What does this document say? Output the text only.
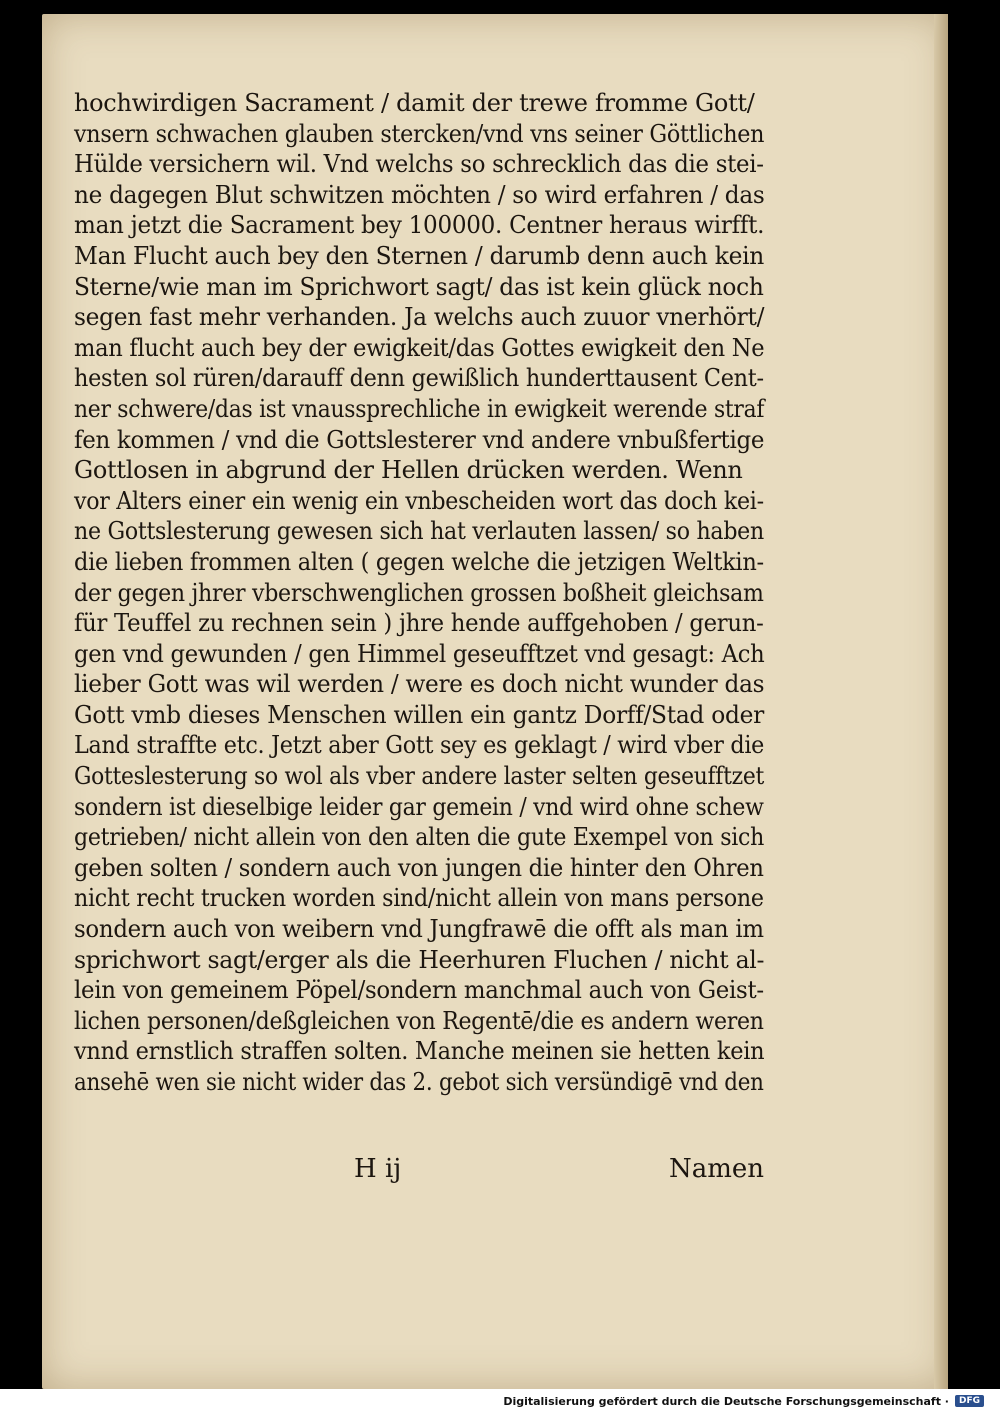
hochwirdigen Sacrament / damit der trewe fromme Gott/
vnsern schwachen glauben stercken/vnd vns seiner Göttlichen
Hülde versichern wil. Vnd welchs so schrecklich das die stei-
ne dagegen Blut schwitzen möchten / so wird erfahren / das
man jetzt die Sacrament bey 100000. Centner heraus wirfft.
Man Flucht auch bey den Sternen / darumb denn auch kein
Sterne/wie man im Sprichwort sagt/ das ist kein glück noch
segen fast mehr verhanden. Ja welchs auch zuuor vnerhört/
man flucht auch bey der ewigkeit/das Gottes ewigkeit den Ne
hesten sol rüren/darauff denn gewißlich hunderttausent Cent-
ner schwere/das ist vnaussprechliche in ewigkeit werende straf
fen kommen / vnd die Gottslesterer vnd andere vnbußfertige
Gottlosen in abgrund der Hellen drücken werden. Wenn
vor Alters einer ein wenig ein vnbescheiden wort das doch kei-
ne Gottslesterung gewesen sich hat verlauten lassen/ so haben
die lieben frommen alten ( gegen welche die jetzigen Weltkin-
der gegen jhrer vberschwenglichen grossen boßheit gleichsam
für Teuffel zu rechnen sein ) jhre hende auffgehoben / gerun-
gen vnd gewunden / gen Himmel geseufftzet vnd gesagt: Ach
lieber Gott was wil werden / were es doch nicht wunder das
Gott vmb dieses Menschen willen ein gantz Dorff/Stad oder
Land straffte etc. Jetzt aber Gott sey es geklagt / wird vber die
Gotteslesterung so wol als vber andere laster selten geseufftzet
sondern ist dieselbige leider gar gemein / vnd wird ohne schew
getrieben/ nicht allein von den alten die gute Exempel von sich
geben solten / sondern auch von jungen die hinter den Ohren
nicht recht trucken worden sind/nicht allein von mans persone
sondern auch von weibern vnd Jungfrawē die offt als man im
sprichwort sagt/erger als die Heerhuren Fluchen / nicht al-
lein von gemeinem Pöpel/sondern manchmal auch von Geist-
lichen personen/deßgleichen von Regentē/die es andern weren
vnnd ernstlich straffen solten. Manche meinen sie hetten kein
ansehē wen sie nicht wider das 2. gebot sich versündigē vnd den
H ij	Namen
Digitalisierung gefördert durch die Deutsche Forschungsgemeinschaft ·	DFG
